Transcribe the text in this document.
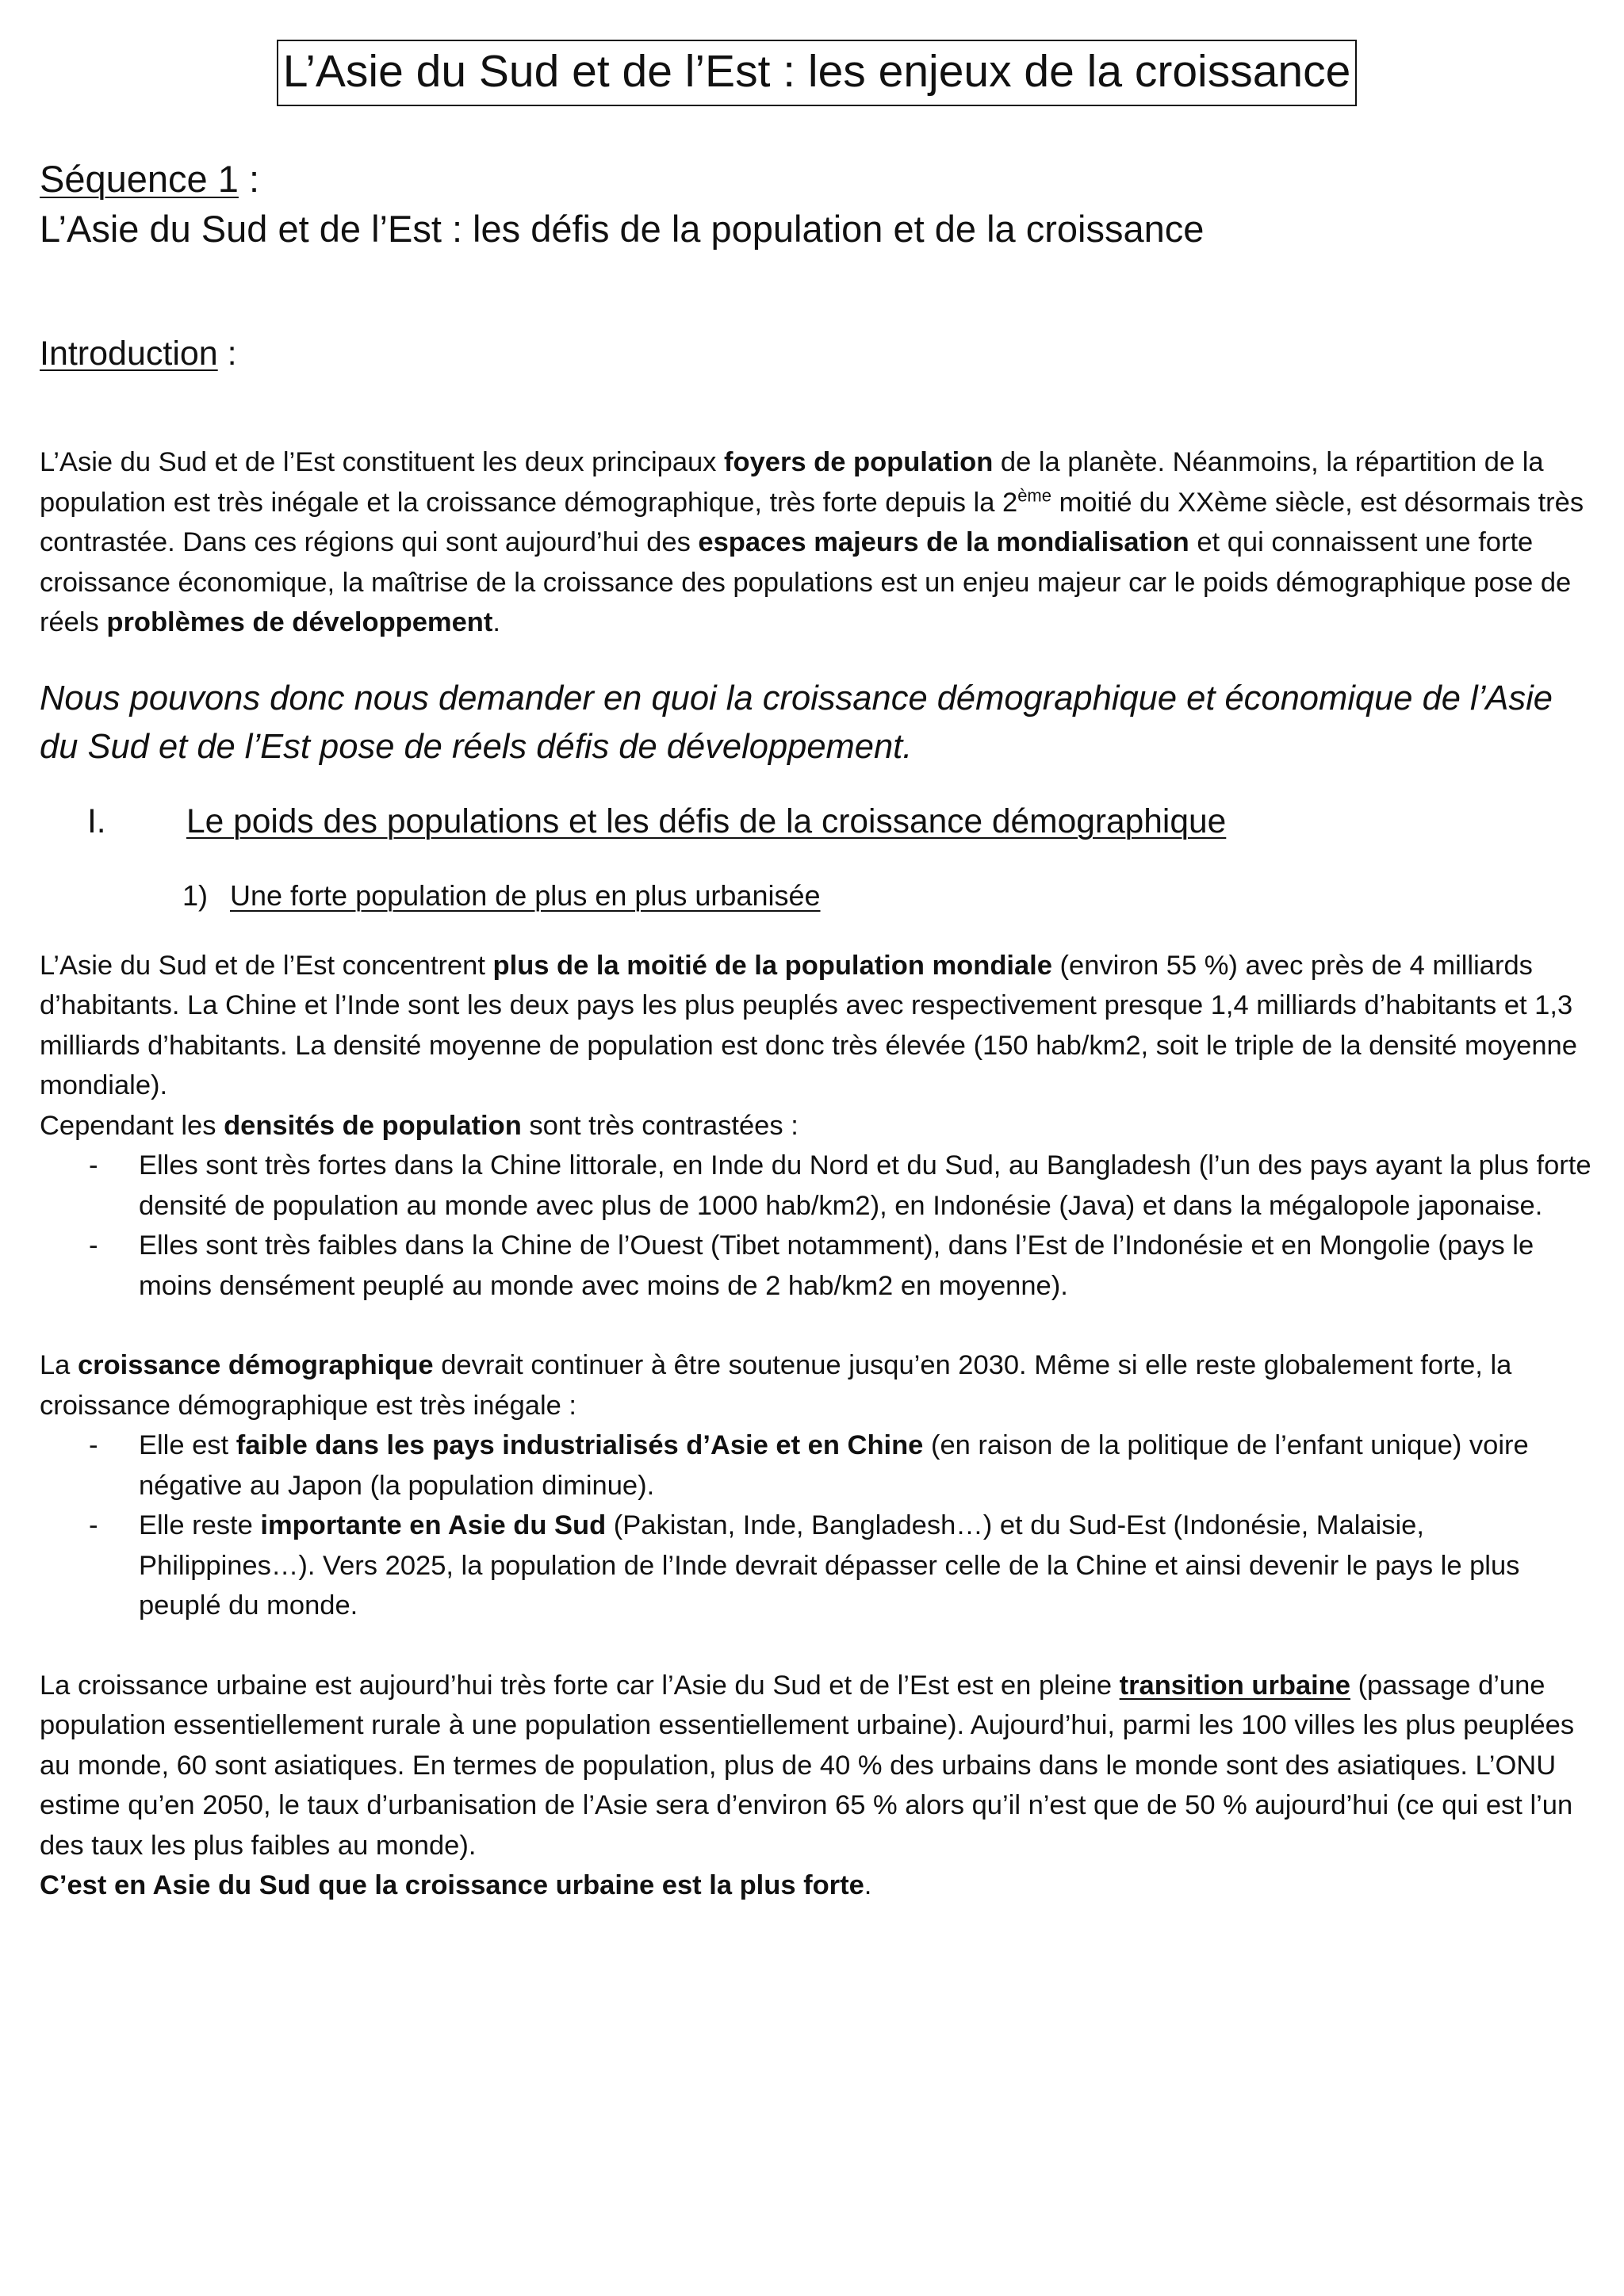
L’Asie du Sud et de l’Est : les enjeux de la croissance
Séquence 1 :
L’Asie du Sud et de l’Est : les défis de la population et de la croissance
Introduction :

L’Asie du Sud et de l’Est constituent les deux principaux foyers de population de la planète. Néanmoins, la répartition de la population est très inégale et la croissance démographique, très forte depuis la 2ème moitié du XXème siècle, est désormais très contrastée. Dans ces régions qui sont aujourd’hui des espaces majeurs de la mondialisation et qui connaissent une forte croissance économique, la maîtrise de la croissance des populations est un enjeu majeur car le poids démographique pose de réels problèmes de développement.

Nous pouvons donc nous demander en quoi la croissance démographique et économique de l’Asie du Sud et de l’Est pose de réels défis de développement.

I.	Le poids des populations et les défis de la croissance démographique
1) Une forte population de plus en plus urbanisée

L’Asie du Sud et de l’Est concentrent plus de la moitié de la population mondiale (environ 55 %) avec près de 4 milliards d’habitants. La Chine et l’Inde sont les deux pays les plus peuplés avec respectivement presque 1,4 milliards d’habitants et 1,3 milliards d’habitants. La densité moyenne de population est donc très élevée (150 hab/km2, soit le triple de la densité moyenne mondiale).

Cependant les densités de population sont très contrastées :

-	Elles sont très fortes dans la Chine littorale, en Inde du Nord et du Sud, au Bangladesh (l’un des pays ayant la plus forte densité de population au monde avec plus de 1000 hab/km2), en Indonésie (Java) et dans la mégalopole japonaise.
-	Elles sont très faibles dans la Chine de l’Ouest (Tibet notamment), dans l’Est de l’Indonésie et en Mongolie (pays le moins densément peuplé au monde avec moins de 2 hab/km2 en moyenne).

La croissance démographique devrait continuer à être soutenue jusqu’en 2030. Même si elle reste globalement forte, la croissance démographique est très inégale :

-	Elle est faible dans les pays industrialisés d’Asie et en Chine (en raison de la politique de l’enfant unique) voire négative au Japon (la population diminue).
-	Elle reste importante en Asie du Sud (Pakistan, Inde, Bangladesh…) et du Sud-Est (Indonésie, Malaisie, Philippines…). Vers 2025, la population de l’Inde devrait dépasser celle de la Chine et ainsi devenir le pays le plus peuplé du monde.

La croissance urbaine est aujourd’hui très forte car l’Asie du Sud et de l’Est est en pleine transition urbaine (passage d’une population essentiellement rurale à une population essentiellement urbaine). Aujourd’hui, parmi les 100 villes les plus peuplées au monde, 60 sont asiatiques. En termes de population, plus de 40 % des urbains dans le monde sont des asiatiques. L’ONU estime qu’en 2050, le taux d’urbanisation de l’Asie sera d’environ 65 % alors qu’il n’est que de 50 % aujourd’hui (ce qui est l’un des taux les plus faibles au monde).

C’est en Asie du Sud que la croissance urbaine est la plus forte.
